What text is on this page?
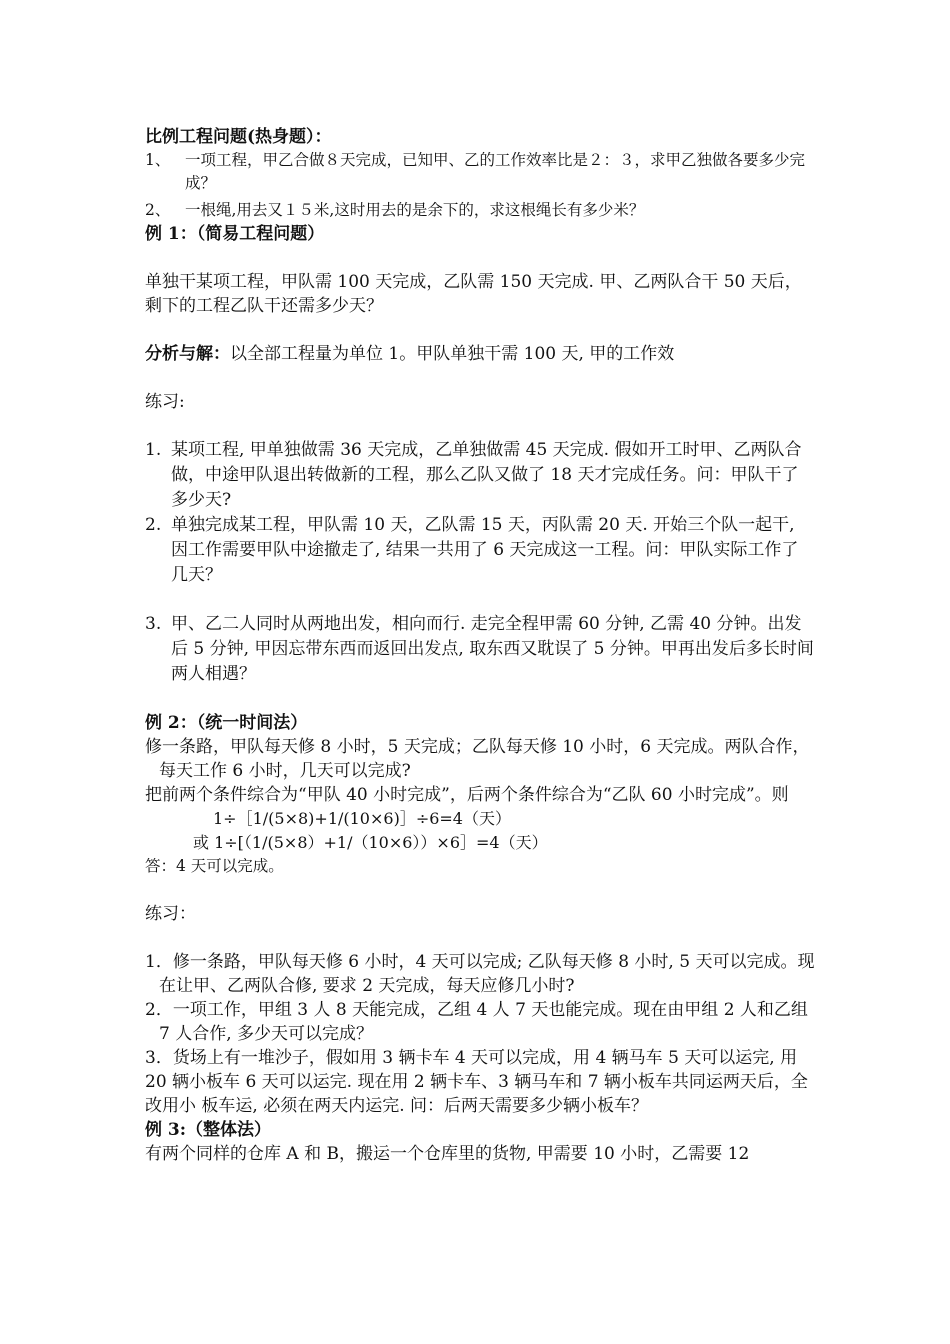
比例工程问题(热身题）：

1、 一项工程，甲乙合做８天完成，已知甲、乙的工作效率比是２：３，求甲乙独做各要多少完成？
2、 一根绳,用去又１５米,这时用去的是余下的，求这根绳长有多少米？

例 1：（简易工程问题）

单独干某项工程，甲队需 100 天完成，乙队需 150 天完成. 甲、乙两队合干 50 天后，剩下的工程乙队干还需多少天？

分析与解：以全部工程量为单位 1。甲队单独干需 100 天, 甲的工作效

练习:

1. 某项工程, 甲单独做需 36 天完成，乙单独做需 45 天完成. 假如开工时甲、乙两队合做，中途甲队退出转做新的工程，那么乙队又做了 18 天才完成任务。问：甲队干了多少天?
2. 单独完成某工程，甲队需 10 天，乙队需 15 天，丙队需 20 天. 开始三个队一起干, 因工作需要甲队中途撤走了, 结果一共用了 6 天完成这一工程。问：甲队实际工作了几天？
3. 甲、乙二人同时从两地出发，相向而行. 走完全程甲需 60 分钟, 乙需 40 分钟。出发后 5 分钟, 甲因忘带东西而返回出发点, 取东西又耽误了 5 分钟。甲再出发后多长时间两人相遇？

例 2：（统一时间法）

修一条路，甲队每天修 8 小时，5 天完成；乙队每天修 10 小时，6 天完成。两队合作，每天工作 6 小时，几天可以完成?

把前两个条件综合为“甲队 40 小时完成”，后两个条件综合为“乙队 60 小时完成”。则

1÷［1/(5×8)+1/(10×6)］÷6=4（天）

或 1÷[（1/(5×8）+1/（10×6））×6］=4（天）

答：4 天可以完成。

练习：

1．修一条路，甲队每天修 6 小时，4 天可以完成; 乙队每天修 8 小时, 5 天可以完成。现在让甲、乙两队合修, 要求 2 天完成，每天应修几小时?

2．一项工作，甲组 3 人 8 天能完成，乙组 4 人 7 天也能完成。现在由甲组 2 人和乙组 7 人合作, 多少天可以完成？

3．货场上有一堆沙子，假如用 3 辆卡车 4 天可以完成，用 4 辆马车 5 天可以运完, 用 20 辆小板车 6 天可以运完. 现在用 2 辆卡车、3 辆马车和 7 辆小板车共同运两天后，全改用小 板车运, 必须在两天内运完. 问：后两天需要多少辆小板车？

例 3:（整体法）

有两个同样的仓库 A 和 B，搬运一个仓库里的货物, 甲需要 10 小时，乙需要 12
